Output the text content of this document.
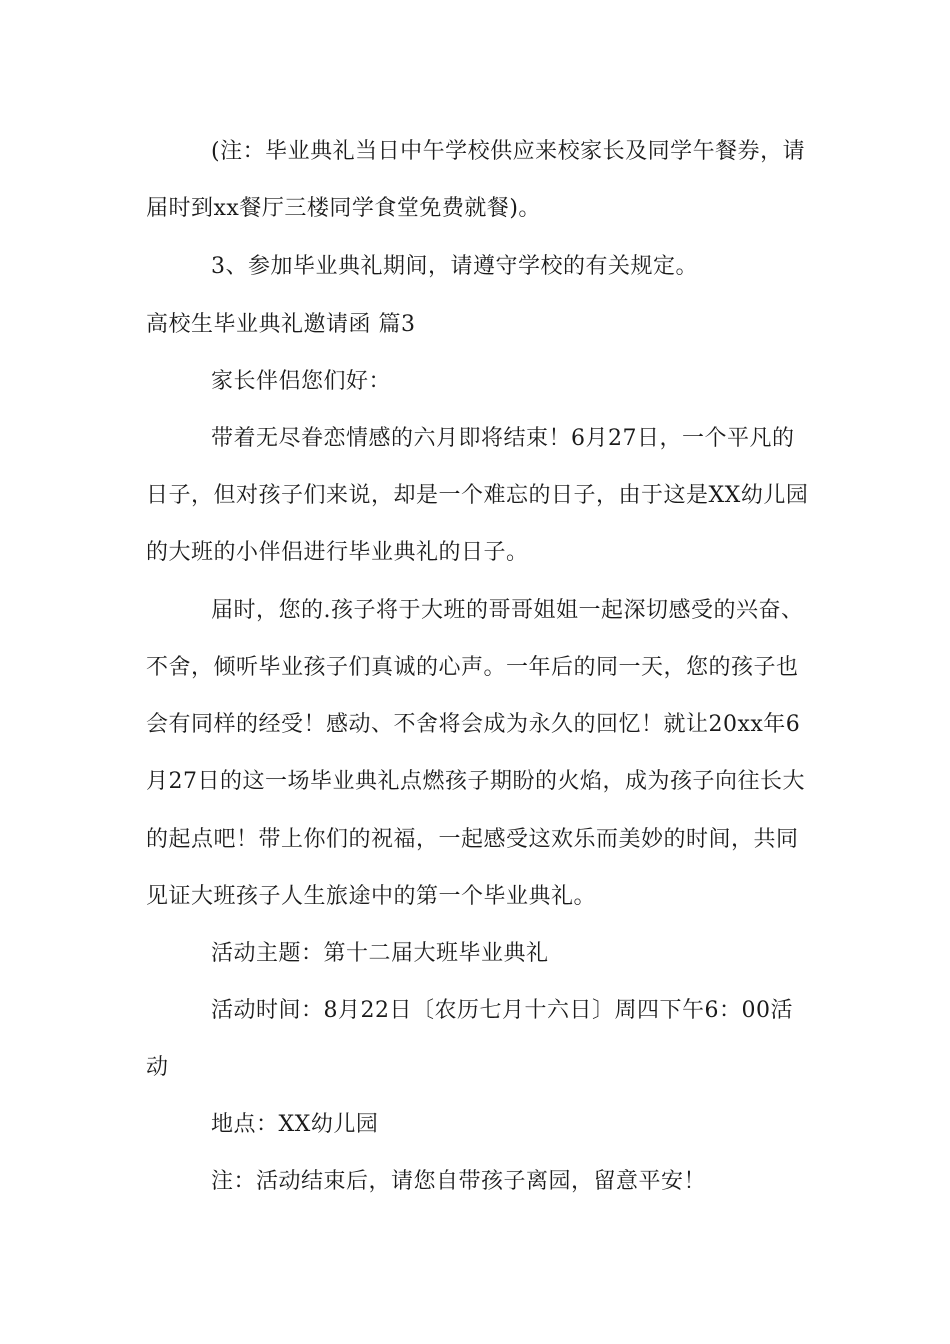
(注：毕业典礼当日中午学校供应来校家长及同学午餐券，请
届时到xx餐厅三楼同学食堂免费就餐)。
3、参加毕业典礼期间，请遵守学校的有关规定。
高校生毕业典礼邀请函 篇3
家长伴侣您们好：
带着无尽眷恋情感的六月即将结束！6月27日，一个平凡的
日子，但对孩子们来说，却是一个难忘的日子，由于这是XX幼儿园
的大班的小伴侣进行毕业典礼的日子。
届时，您的.孩子将于大班的哥哥姐姐一起深切感受的兴奋、
不舍，倾听毕业孩子们真诚的心声。一年后的同一天，您的孩子也
会有同样的经受！感动、不舍将会成为永久的回忆！就让20xx年6
月27日的这一场毕业典礼点燃孩子期盼的火焰，成为孩子向往长大
的起点吧！带上你们的祝福，一起感受这欢乐而美妙的时间，共同
见证大班孩子人生旅途中的第一个毕业典礼。
活动主题：第十二届大班毕业典礼
活动时间：8月22日〔农历七月十六日〕周四下午6：00活
动
地点：XX幼儿园
注：活动结束后，请您自带孩子离园，留意平安！
